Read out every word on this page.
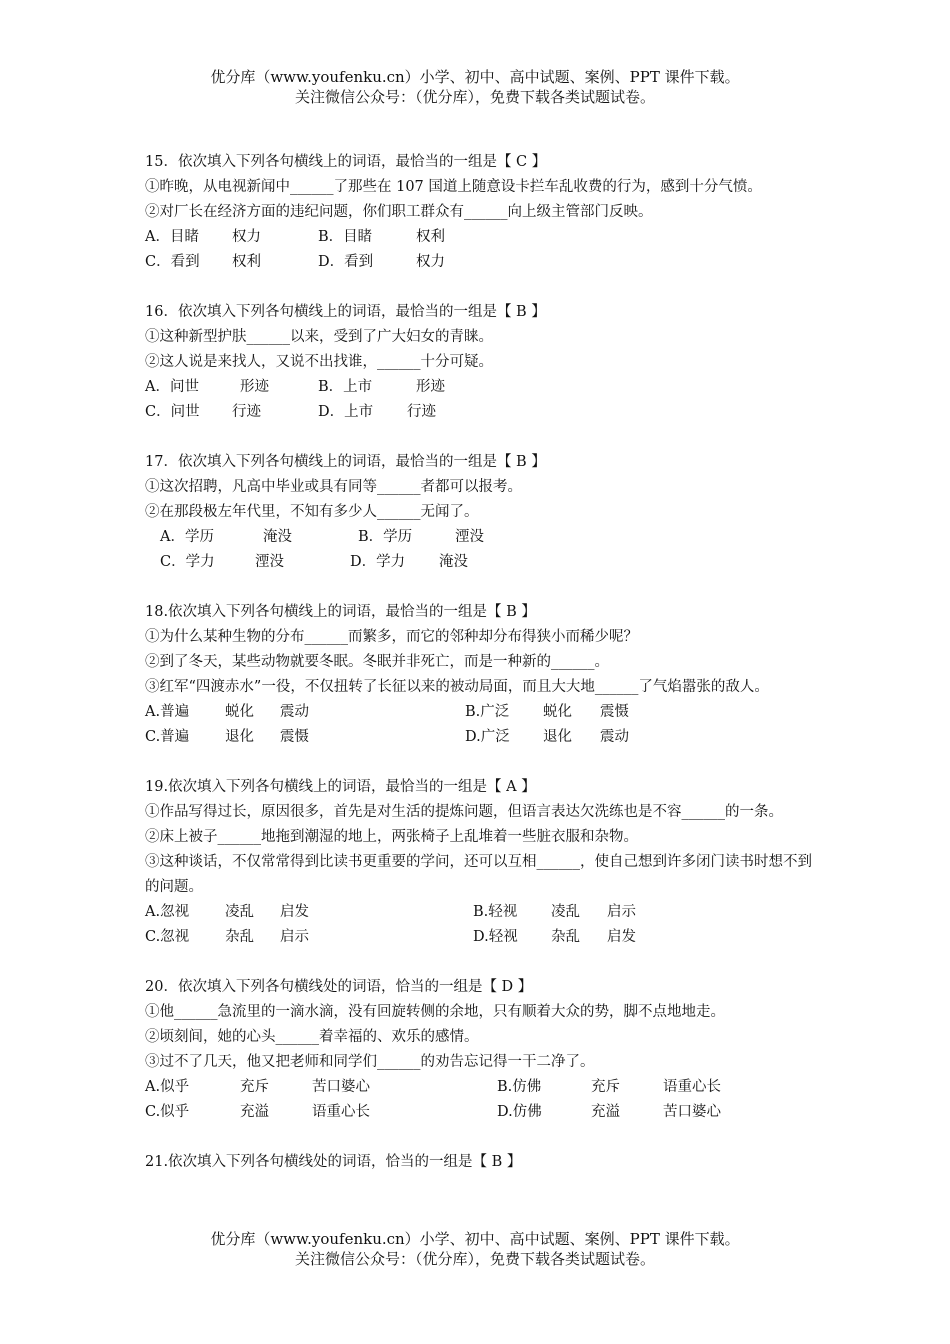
优分库（www.youfenku.cn）小学、初中、高中试题、案例、PPT 课件下载。
关注微信公众号：（优分库），免费下载各类试题试卷。
15．依次填入下列各句横线上的词语，最恰当的一组是【 C 】
①昨晚，从电视新闻中______了那些在 107 国道上随意设卡拦车乱收费的行为，感到十分气愤。
②对厂长在经济方面的违纪问题，你们职工群众有______向上级主管部门反映。
A．目睹 权力	B．目睹	权利
C．看到 权利	D．看到	权力
16．依次填入下列各句横线上的词语，最恰当的一组是【 B 】
①这种新型护肤______以来，受到了广大妇女的青睐。
②这人说是来找人，又说不出找谁，______十分可疑。
A．问世	形迹	B．上市	形迹
C．问世 行迹	D．上市 行迹
17．依次填入下列各句横线上的词语，最恰当的一组是【 B 】
①这次招聘，凡高中毕业或具有同等______者都可以报考。
②在那段极左年代里，不知有多少人______无闻了。
A．学历	淹没	B．学历	湮没
C．学力	湮没	D．学力 淹没
18.依次填入下列各句横线上的词语，最恰当的一组是【 B 】
①为什么某种生物的分布______而繁多，而它的邻种却分布得狭小而稀少呢？
②到了冬天，某些动物就要冬眠。冬眠并非死亡，而是一种新的______。
③红军“四渡赤水”一役，不仅扭转了长征以来的被动局面，而且大大地______了气焰嚣张的敌人。
A.普遍 蜕化 震动	B.广泛 蜕化 震慑
C.普遍 退化 震慑	D.广泛 退化 震动
19.依次填入下列各句横线上的词语，最恰当的一组是【 A 】
①作品写得过长，原因很多，首先是对生活的提炼问题，但语言表达欠洗练也是不容______的一条。
②床上被子______地拖到潮湿的地上，两张椅子上乱堆着一些脏衣服和杂物。
③这种谈话，不仅常常得到比读书更重要的学问，还可以互相______，使自己想到许多闭门读书时想不到的问题。
A.忽视 凌乱 启发	B.轻视 凌乱 启示
C.忽视 杂乱 启示	D.轻视 杂乱 启发
20．依次填入下列各句横线处的词语，恰当的一组是【 D 】
①他______急流里的一滴水滴，没有回旋转侧的余地，只有顺着大众的势，脚不点地地走。
②顷刻间，她的心头______着幸福的、欢乐的感情。
③过不了几天，他又把老师和同学们______的劝告忘记得一干二净了。
A.似乎	充斥	苦口婆心	B.仿佛	充斥	语重心长
C.似乎	充溢	语重心长	D.仿佛	充溢	苦口婆心
21.依次填入下列各句横线处的词语，恰当的一组是【 B 】
优分库（www.youfenku.cn）小学、初中、高中试题、案例、PPT 课件下载。
关注微信公众号：（优分库），免费下载各类试题试卷。
